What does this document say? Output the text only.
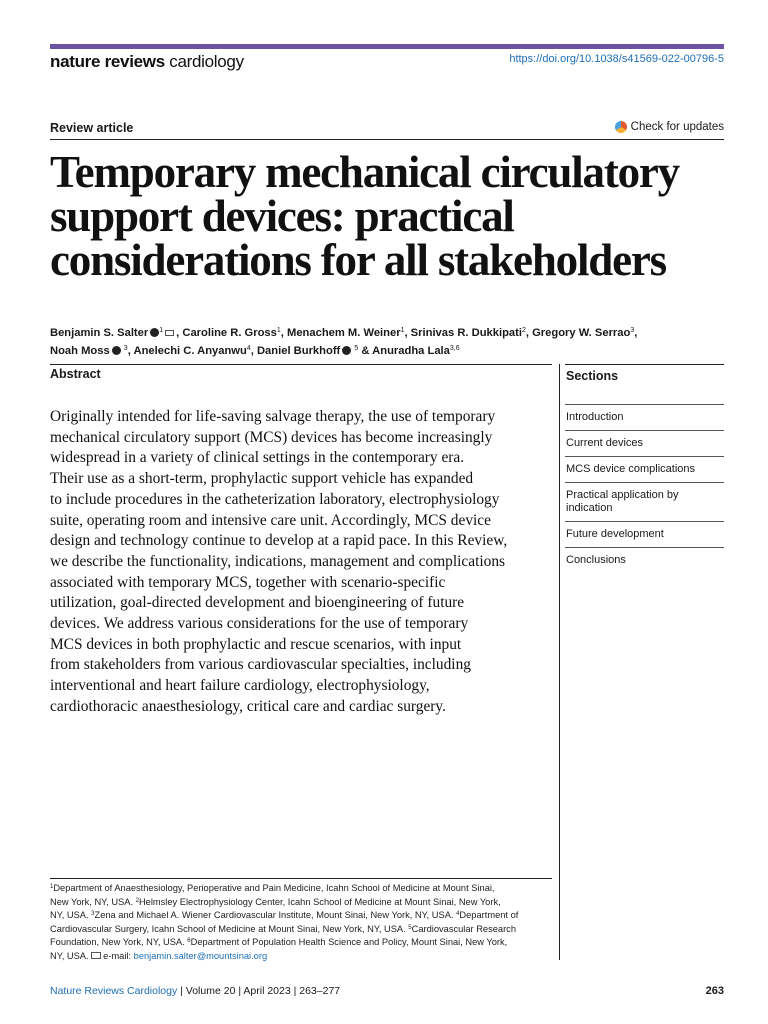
nature reviews cardiology	https://doi.org/10.1038/s41569-022-00796-5
Review article	Check for updates
Temporary mechanical circulatory
support devices: practical
considerations for all stakeholders
Benjamin S. Salter $^1$ , Caroline R. Gross$^1$, Menachem M. Weiner$^1$, Srinivas R. Dukkipati$^2$, Gregory W. Serrao$^3$,
Noah Moss $^3$, Anelechi C. Anyanwu$^4$, Daniel Burkhoff $^5$ & Anuradha Lala$^{3,6}$
Abstract
Originally intended for life-saving salvage therapy, the use of temporary
mechanical circulatory support (MCS) devices has become increasingly
widespread in a variety of clinical settings in the contemporary era.
Their use as a short-term, prophylactic support vehicle has expanded
to include procedures in the catheterization laboratory, electrophysiology
suite, operating room and intensive care unit. Accordingly, MCS device
design and technology continue to develop at a rapid pace. In this Review,
we describe the functionality, indications, management and complications
associated with temporary MCS, together with scenario-specific
utilization, goal-directed development and bioengineering of future
devices. We address various considerations for the use of temporary
MCS devices in both prophylactic and rescue scenarios, with input
from stakeholders from various cardiovascular specialties, including
interventional and heart failure cardiology, electrophysiology,
cardiothoracic anaesthesiology, critical care and cardiac surgery.
Sections
Introduction
Current devices
MCS device complications
Practical application by indication
Future development
Conclusions
$^1$Department of Anaesthesiology, Perioperative and Pain Medicine, Icahn School of Medicine at Mount Sinai,
New York, NY, USA. $^2$Helmsley Electrophysiology Center, Icahn School of Medicine at Mount Sinai, New York,
NY, USA. $^3$Zena and Michael A. Wiener Cardiovascular Institute, Mount Sinai, New York, NY, USA. $^4$Department of
Cardiovascular Surgery, Icahn School of Medicine at Mount Sinai, New York, NY, USA. $^5$Cardiovascular Research
Foundation, New York, NY, USA. $^6$Department of Population Health Science and Policy, Mount Sinai, New York,
NY, USA. e-mail: benjamin.salter@mountsinai.org
Nature Reviews Cardiology | Volume 20 | April 2023 | 263–277	263
